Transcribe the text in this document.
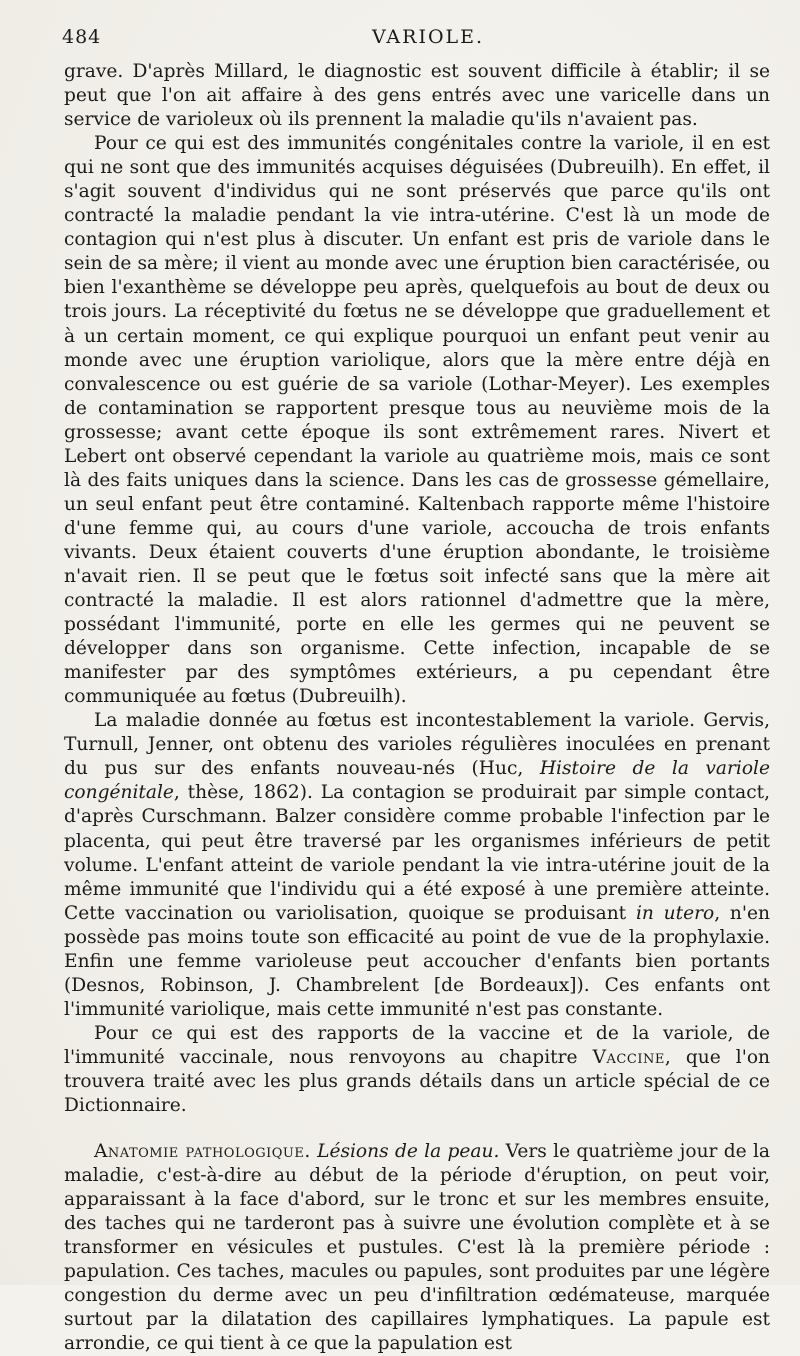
484	VARIOLE.

grave. D'après Millard, le diagnostic est souvent difficile à établir; il se peut que l'on ait affaire à des gens entrés avec une varicelle dans un service de varioleux où ils prennent la maladie qu'ils n'avaient pas.

Pour ce qui est des immunités congénitales contre la variole, il en est qui ne sont que des immunités acquises déguisées (Dubreuilh). En effet, il s'agit souvent d'individus qui ne sont préservés que parce qu'ils ont contracté la maladie pendant la vie intra-utérine. C'est là un mode de contagion qui n'est plus à discuter. Un enfant est pris de variole dans le sein de sa mère; il vient au monde avec une éruption bien caractérisée, ou bien l'exanthème se développe peu après, quelquefois au bout de deux ou trois jours. La réceptivité du fœtus ne se développe que graduellement et à un certain moment, ce qui explique pourquoi un enfant peut venir au monde avec une éruption variolique, alors que la mère entre déjà en convalescence ou est guérie de sa variole (Lothar-Meyer). Les exemples de contamination se rapportent presque tous au neuvième mois de la grossesse; avant cette époque ils sont extrêmement rares. Nivert et Lebert ont observé cependant la variole au quatrième mois, mais ce sont là des faits uniques dans la science. Dans les cas de grossesse gémellaire, un seul enfant peut être contaminé. Kaltenbach rapporte même l'histoire d'une femme qui, au cours d'une variole, accoucha de trois enfants vivants. Deux étaient couverts d'une éruption abondante, le troisième n'avait rien. Il se peut que le fœtus soit infecté sans que la mère ait contracté la maladie. Il est alors rationnel d'admettre que la mère, possédant l'immunité, porte en elle les germes qui ne peuvent se développer dans son organisme. Cette infection, incapable de se manifester par des symptômes extérieurs, a pu cependant être communiquée au fœtus (Dubreuilh).

La maladie donnée au fœtus est incontestablement la variole. Gervis, Turnull, Jenner, ont obtenu des varioles régulières inoculées en prenant du pus sur des enfants nouveau-nés (Huc, Histoire de la variole congénitale, thèse, 1862). La contagion se produirait par simple contact, d'après Curschmann. Balzer considère comme probable l'infection par le placenta, qui peut être traversé par les organismes inférieurs de petit volume. L'enfant atteint de variole pendant la vie intra-utérine jouit de la même immunité que l'individu qui a été exposé à une première atteinte. Cette vaccination ou variolisation, quoique se produisant in utero, n'en possède pas moins toute son efficacité au point de vue de la prophylaxie. Enfin une femme varioleuse peut accoucher d'enfants bien portants (Desnos, Robinson, J. Chambrelent [de Bordeaux]). Ces enfants ont l'immunité variolique, mais cette immunité n'est pas constante.

Pour ce qui est des rapports de la vaccine et de la variole, de l'immunité vaccinale, nous renvoyons au chapitre Vaccine, que l'on trouvera traité avec les plus grands détails dans un article spécial de ce Dictionnaire.

Anatomie pathologique. Lésions de la peau. Vers le quatrième jour de la maladie, c'est-à-dire au début de la période d'éruption, on peut voir, apparaissant à la face d'abord, sur le tronc et sur les membres ensuite, des taches qui ne tarderont pas à suivre une évolution complète et à se transformer en vésicules et pustules. C'est là la première période : papulation. Ces taches, macules ou papules, sont produites par une légère congestion du derme avec un peu d'infiltration œdémateuse, marquée surtout par la dilatation des capillaires lymphatiques. La papule est arrondie, ce qui tient à ce que la papulation est
